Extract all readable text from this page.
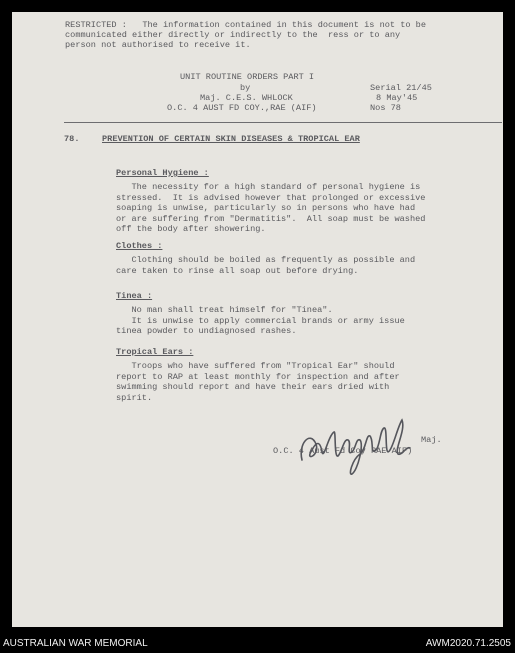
RESTRICTED :   The information contained in this document is not to be
communicated either directly or indirectly to the  ress or to any
person not authorised to receive it.
UNIT ROUTINE ORDERS PART I
by
Maj. C.E.S. WHLOCK
O.C. 4 AUST FD COY.,RAE (AIF)
Serial 21/45
8 May'45
Nos 78
78.	PREVENTION OF CERTAIN SKIN DISEASES & TROPICAL EAR
Personal Hygiene :
The necessity for a high standard of personal hygiene is
stressed.  It is advised however that prolonged or excessive
soaping is unwise, particularly so in persons who have had
or are suffering from "Dermatitis".  All soap must be washed
off the body after showering.
Clothes :
Clothing should be boiled as frequently as possible and
care taken to rinse all soap out before drying.
Tinea :
No man shall treat himself for "Tinea".
It is unwise to apply commercial brands or army issue
tinea powder to undiagnosed rashes.
Tropical Ears :
Troops who have suffered from "Tropical Ear" should
report to RAP at least monthly for inspection and after
swimming should report and have their ears dried with
spirit.
Maj.
O.C. 4 Aust Fd Coy RAE AIF)
AUSTRALIAN WAR MEMORIAL	AWM2020.71.2505
